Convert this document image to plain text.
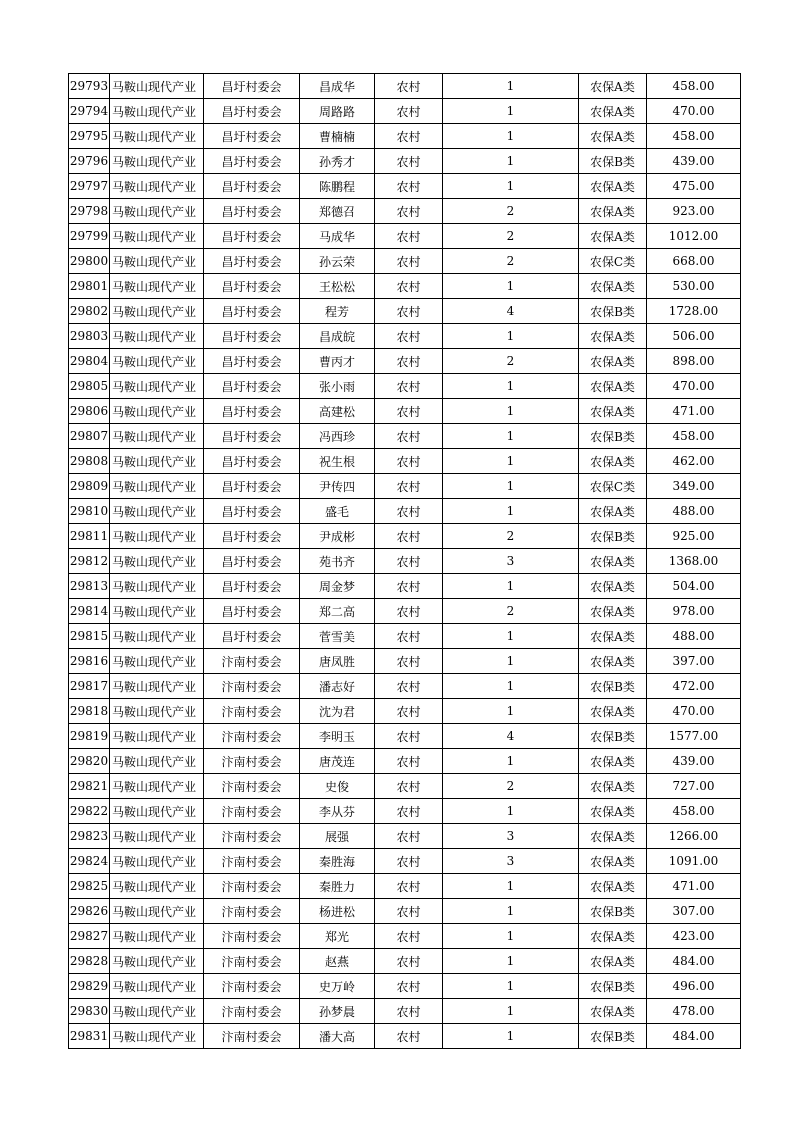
29793	马鞍山现代产业	昌圩村委会	昌成华	农村	1	农保A类	458.00
29794	马鞍山现代产业	昌圩村委会	周路路	农村	1	农保A类	470.00
29795	马鞍山现代产业	昌圩村委会	曹楠楠	农村	1	农保A类	458.00
29796	马鞍山现代产业	昌圩村委会	孙秀才	农村	1	农保B类	439.00
29797	马鞍山现代产业	昌圩村委会	陈鹏程	农村	1	农保A类	475.00
29798	马鞍山现代产业	昌圩村委会	郑德召	农村	2	农保A类	923.00
29799	马鞍山现代产业	昌圩村委会	马成华	农村	2	农保A类	1012.00
29800	马鞍山现代产业	昌圩村委会	孙云荣	农村	2	农保C类	668.00
29801	马鞍山现代产业	昌圩村委会	王松松	农村	1	农保A类	530.00
29802	马鞍山现代产业	昌圩村委会	程芳	农村	4	农保B类	1728.00
29803	马鞍山现代产业	昌圩村委会	昌成皖	农村	1	农保A类	506.00
29804	马鞍山现代产业	昌圩村委会	曹丙才	农村	2	农保A类	898.00
29805	马鞍山现代产业	昌圩村委会	张小雨	农村	1	农保A类	470.00
29806	马鞍山现代产业	昌圩村委会	高建松	农村	1	农保A类	471.00
29807	马鞍山现代产业	昌圩村委会	冯西珍	农村	1	农保B类	458.00
29808	马鞍山现代产业	昌圩村委会	祝生根	农村	1	农保A类	462.00
29809	马鞍山现代产业	昌圩村委会	尹传四	农村	1	农保C类	349.00
29810	马鞍山现代产业	昌圩村委会	盛毛	农村	1	农保A类	488.00
29811	马鞍山现代产业	昌圩村委会	尹成彬	农村	2	农保B类	925.00
29812	马鞍山现代产业	昌圩村委会	苑书齐	农村	3	农保A类	1368.00
29813	马鞍山现代产业	昌圩村委会	周金梦	农村	1	农保A类	504.00
29814	马鞍山现代产业	昌圩村委会	郑二高	农村	2	农保A类	978.00
29815	马鞍山现代产业	昌圩村委会	菅雪美	农村	1	农保A类	488.00
29816	马鞍山现代产业	汴南村委会	唐凤胜	农村	1	农保A类	397.00
29817	马鞍山现代产业	汴南村委会	潘志好	农村	1	农保B类	472.00
29818	马鞍山现代产业	汴南村委会	沈为君	农村	1	农保A类	470.00
29819	马鞍山现代产业	汴南村委会	李明玉	农村	4	农保B类	1577.00
29820	马鞍山现代产业	汴南村委会	唐茂连	农村	1	农保A类	439.00
29821	马鞍山现代产业	汴南村委会	史俊	农村	2	农保A类	727.00
29822	马鞍山现代产业	汴南村委会	李从芬	农村	1	农保A类	458.00
29823	马鞍山现代产业	汴南村委会	展强	农村	3	农保A类	1266.00
29824	马鞍山现代产业	汴南村委会	秦胜海	农村	3	农保A类	1091.00
29825	马鞍山现代产业	汴南村委会	秦胜力	农村	1	农保A类	471.00
29826	马鞍山现代产业	汴南村委会	杨进松	农村	1	农保B类	307.00
29827	马鞍山现代产业	汴南村委会	郑光	农村	1	农保A类	423.00
29828	马鞍山现代产业	汴南村委会	赵燕	农村	1	农保A类	484.00
29829	马鞍山现代产业	汴南村委会	史万岭	农村	1	农保B类	496.00
29830	马鞍山现代产业	汴南村委会	孙梦晨	农村	1	农保A类	478.00
29831	马鞍山现代产业	汴南村委会	潘大高	农村	1	农保B类	484.00
